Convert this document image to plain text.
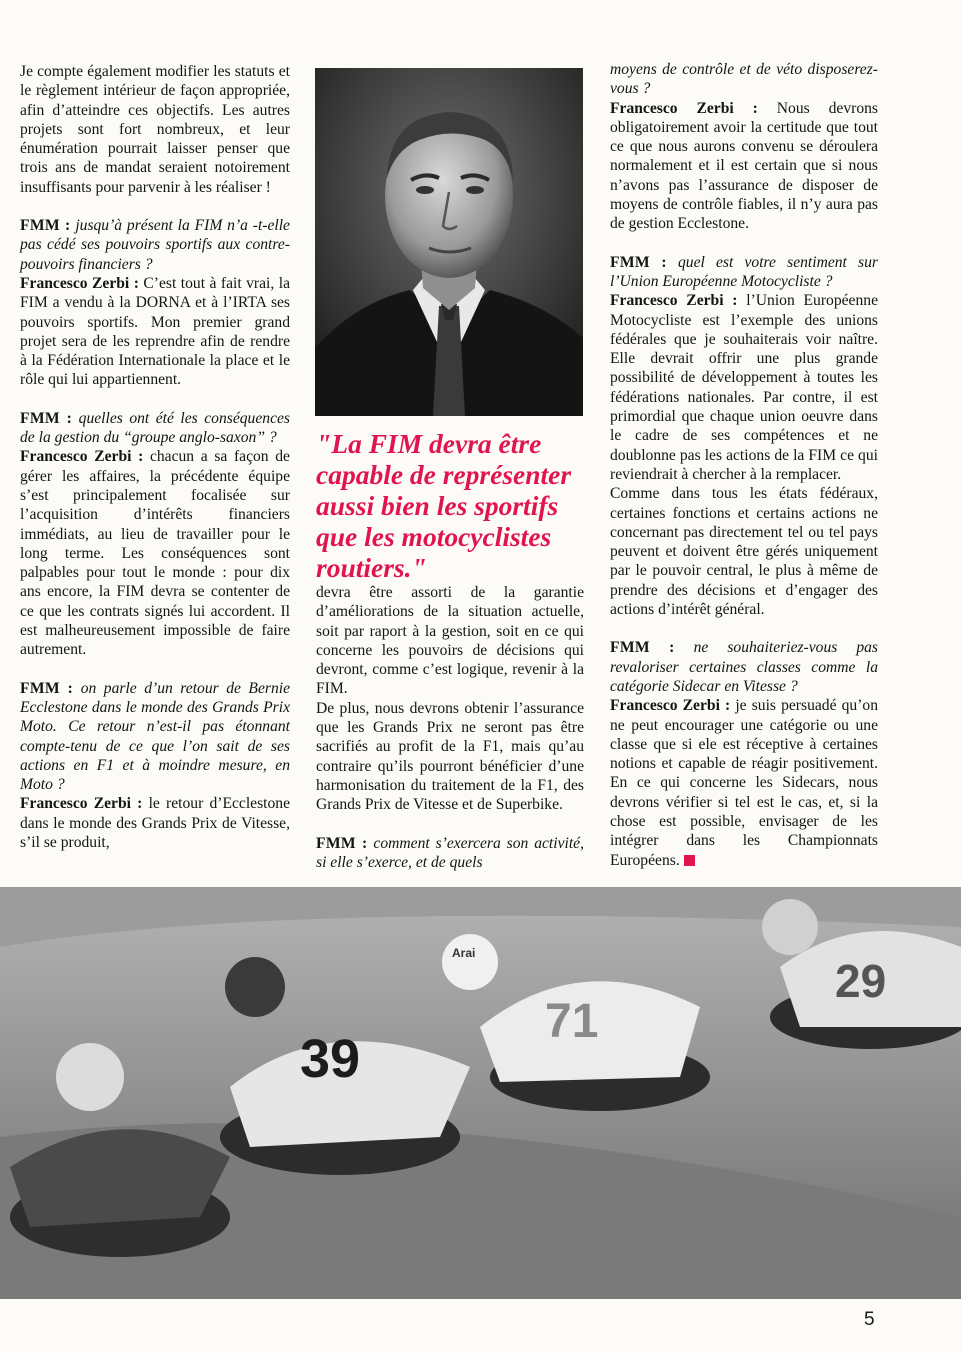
Je compte également modifier les statuts et le règlement intérieur de façon appropriée, afin d’atteindre ces objectifs. Les autres projets sont fort nombreux, et leur énumération pourrait laisser penser que trois ans de mandat seraient notoirement insuffisants pour parvenir à les réaliser !

FMM : jusqu’à présent la FIM n’a -t-elle pas cédé ses pouvoirs sportifs aux contre-pouvoirs financiers ?

Francesco Zerbi : C’est tout à fait vrai, la FIM a vendu à la DORNA et à l’IRTA ses pouvoirs sportifs. Mon premier grand projet sera de les reprendre afin de rendre à la Fédération Internationale la place et le rôle qui lui appartiennent.

FMM : quelles ont été les conséquences de la gestion du “groupe anglo-saxon” ?

Francesco Zerbi : chacun a sa façon de gérer les affaires, la précédente équipe s’est principalement focalisée sur l’acquisition d’intérêts financiers immédiats, au lieu de travailler pour le long terme. Les conséquences sont palpables pour tout le monde : pour dix ans encore, la FIM devra se contenter de ce que les contrats signés lui accordent. Il est malheureusement impossible de faire autrement.

FMM : on parle d’un retour de Bernie Ecclestone dans le monde des Grands Prix Moto. Ce retour n’est-il pas étonnant compte-tenu de ce que l’on sait de ses actions en F1 et à moindre mesure, en Moto ?

Francesco Zerbi : le retour d’Ecclestone dans le monde des Grands Prix de Vitesse, s’il se produit,

"La FIM devra être capable de représenter aussi bien les sportifs que les motocyclistes routiers."

devra être assorti de la garantie d’améliorations de la situation actuelle, soit par raport à la gestion, soit en ce qui concerne les pouvoirs de décisions qui devront, comme c’est logique, revenir à la FIM.

De plus, nous devrons obtenir l’assurance que les Grands Prix ne seront pas être sacrifiés au profit de la F1, mais qu’au contraire qu’ils pourront bénéficier d’une harmonisation du traitement de la F1, des Grands Prix de Vitesse et de Superbike.

FMM : comment s’exercera son activité, si elle s’exerce, et de quels

moyens de contrôle et de véto disposerez-vous ?

Francesco Zerbi : Nous devrons obligatoirement avoir la certitude que tout ce que nous aurons convenu se déroulera normalement et il est certain que si nous n’avons pas l’assurance de disposer de moyens de contrôle fiables, il n’y aura pas de gestion Ecclestone.

FMM : quel est votre sentiment sur l’Union Européenne Motocycliste ?

Francesco Zerbi : l’Union Européenne Motocycliste est l’exemple des unions fédérales que je souhaiterais voir naître. Elle devrait offrir une plus grande possibilité de développement à toutes les fédérations nationales. Par contre, il est primordial que chaque union oeuvre dans le cadre de ses compétences et ne doublonne pas les actions de la FIM ce qui reviendrait à chercher à la remplacer.

Comme dans tous les états fédéraux, certaines fonctions et certains actions ne concernant pas directement tel ou tel pays peuvent et doivent être gérés uniquement par le pouvoir central, le plus à même de prendre des décisions et d’engager des actions d’intérêt général.

FMM : ne souhaiteriez-vous pas revaloriser certaines classes comme la catégorie Sidecar en Vitesse ?

Francesco Zerbi : je suis persuadé qu’on ne peut encourager une catégorie ou une classe que si ele est réceptive à certaines notions et capable de réagir positivement. En ce qui concerne les Sidecars, nous devrons vérifier si tel est le cas, et, si la chose est possible, envisager de les intégrer dans les Championnats Européens.

39
Arai
71
29
5
